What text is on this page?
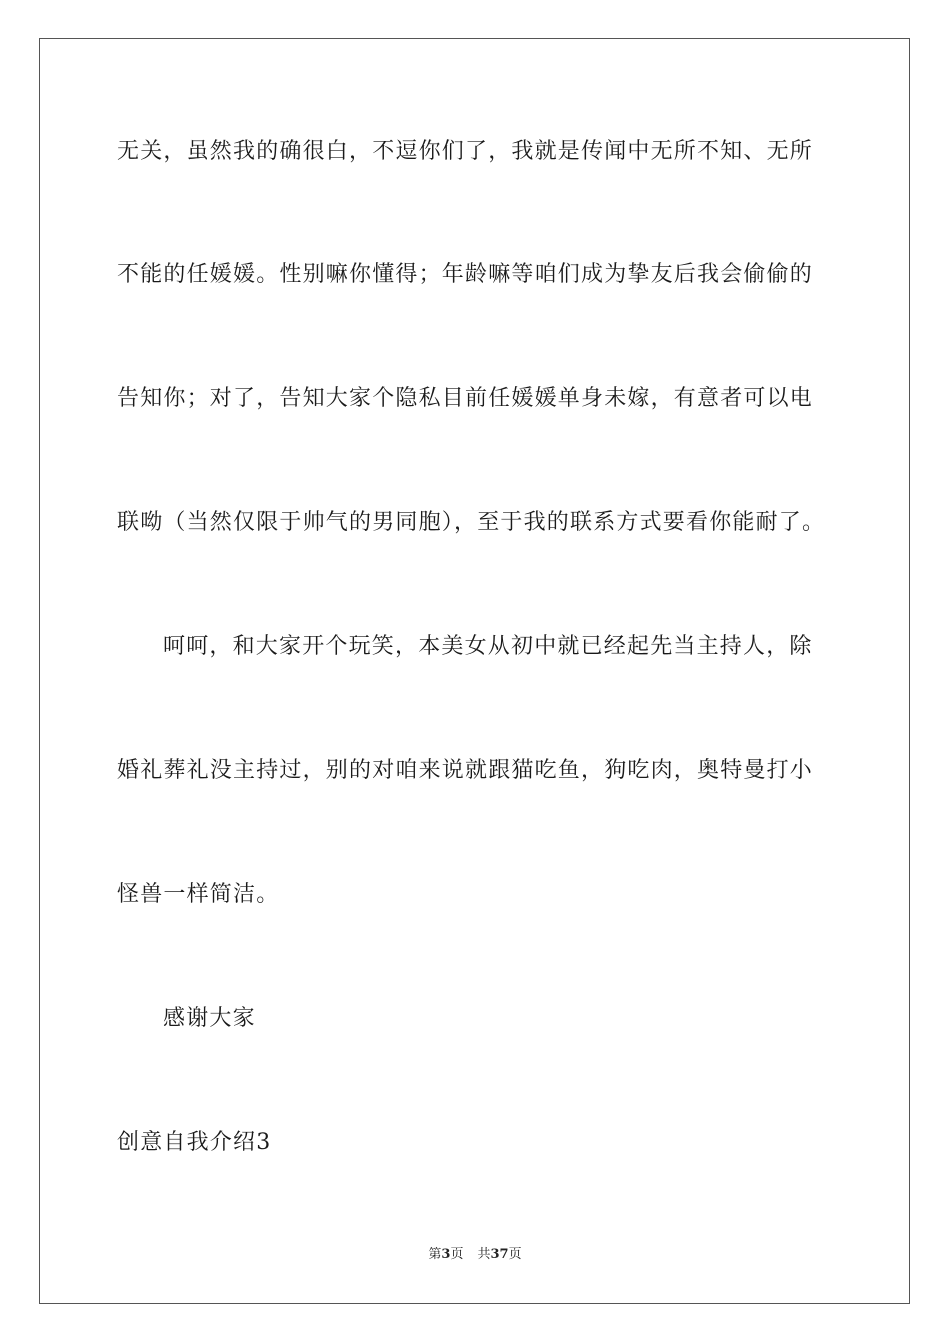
无关，虽然我的确很白，不逗你们了，我就是传闻中无所不知、无所
不能的任媛媛。性别嘛你懂得；年龄嘛等咱们成为挚友后我会偷偷的
告知你；对了，告知大家个隐私目前任媛媛单身未嫁，有意者可以电
联呦（当然仅限于帅气的男同胞），至于我的联系方式要看你能耐了。
呵呵，和大家开个玩笑，本美女从初中就已经起先当主持人，除
婚礼葬礼没主持过，别的对咱来说就跟猫吃鱼，狗吃肉，奥特曼打小
怪兽一样简洁。
感谢大家
创意自我介绍3
第3页 共37页
